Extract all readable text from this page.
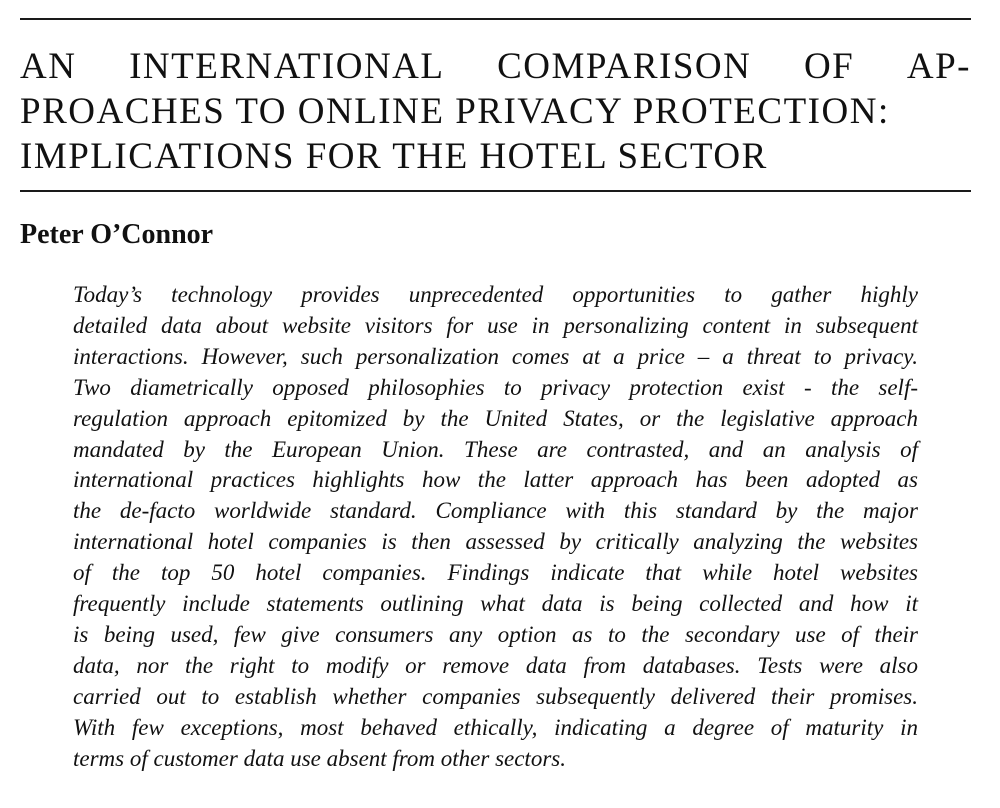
AN INTERNATIONAL COMPARISON OF AP-
PROACHES TO ONLINE PRIVACY PROTECTION:
IMPLICATIONS FOR THE HOTEL SECTOR
Peter O’Connor
Today’s technology provides unprecedented opportunities to gather highly
detailed data about website visitors for use in personalizing content in subsequent
interactions. However, such personalization comes at a price – a threat to privacy.
Two diametrically opposed philosophies to privacy protection exist - the self-
regulation approach epitomized by the United States, or the legislative approach
mandated by the European Union. These are contrasted, and an analysis of
international practices highlights how the latter approach has been adopted as
the de-facto worldwide standard. Compliance with this standard by the major
international hotel companies is then assessed by critically analyzing the websites
of the top 50 hotel companies. Findings indicate that while hotel websites
frequently include statements outlining what data is being collected and how it
is being used, few give consumers any option as to the secondary use of their
data, nor the right to modify or remove data from databases. Tests were also
carried out to establish whether companies subsequently delivered their promises.
With few exceptions, most behaved ethically, indicating a degree of maturity in
terms of customer data use absent from other sectors.
